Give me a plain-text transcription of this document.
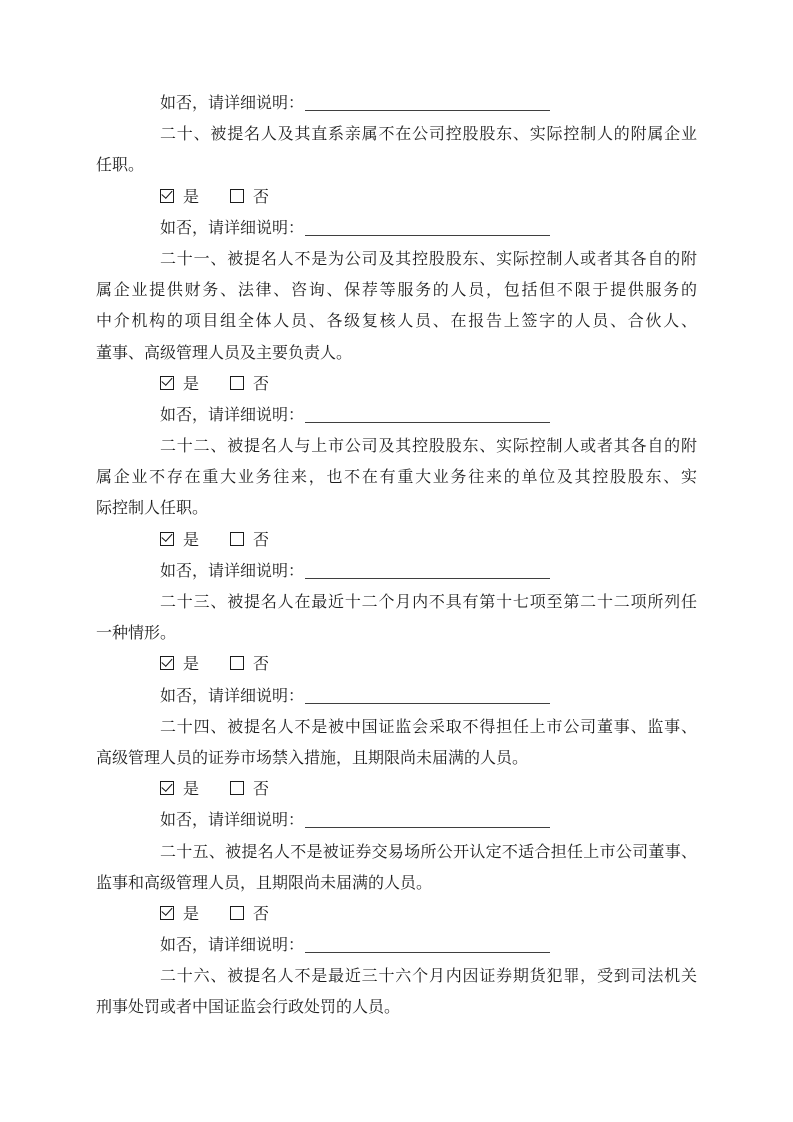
如否，请详细说明：
二十、被提名人及其直系亲属不在公司控股股东、实际控制人的附属企业
任职。
是	否
如否，请详细说明：
二十一、被提名人不是为公司及其控股股东、实际控制人或者其各自的附
属企业提供财务、法律、咨询、保荐等服务的人员，包括但不限于提供服务的
中介机构的项目组全体人员、各级复核人员、在报告上签字的人员、合伙人、
董事、高级管理人员及主要负责人。
是	否
如否，请详细说明：
二十二、被提名人与上市公司及其控股股东、实际控制人或者其各自的附
属企业不存在重大业务往来，也不在有重大业务往来的单位及其控股股东、实
际控制人任职。
是	否
如否，请详细说明：
二十三、被提名人在最近十二个月内不具有第十七项至第二十二项所列任
一种情形。
是	否
如否，请详细说明：
二十四、被提名人不是被中国证监会采取不得担任上市公司董事、监事、
高级管理人员的证券市场禁入措施，且期限尚未届满的人员。
是	否
如否，请详细说明：
二十五、被提名人不是被证券交易场所公开认定不适合担任上市公司董事、
监事和高级管理人员，且期限尚未届满的人员。
是	否
如否，请详细说明：
二十六、被提名人不是最近三十六个月内因证券期货犯罪，受到司法机关
刑事处罚或者中国证监会行政处罚的人员。
